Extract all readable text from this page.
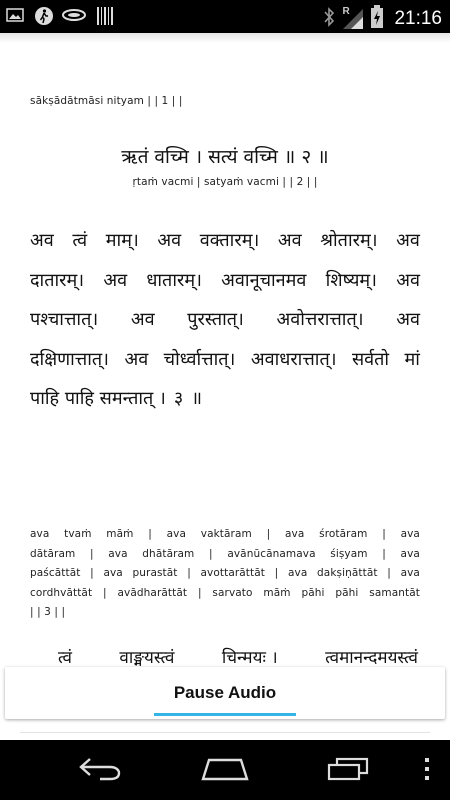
R 21:16
sākṣādātmāsi nityam | | 1 | |
ऋतं वच्मि । सत्यं वच्मि ॥ २ ॥
ṛtaṁ vacmi | satyaṁ vacmi | | 2 | |
अव त्वं माम्। अव वक्तारम्। अव श्रोतारम्। अव
दातारम्। अव धातारम्। अवानूचानमव शिष्यम्। अव
पश्चात्तात्। अव पुरस्तात्। अवोत्तरात्तात्। अव
दक्षिणात्तात्। अव चोर्ध्वात्तात्। अवाधरात्तात्। सर्वतो मां
पाहि पाहि समन्तात् । ३ ॥
ava tvaṁ māṁ | ava vaktāram | ava śrotāram | ava
dātāram | ava dhātāram | avānūcānamava śiṣyam | ava
paścāttāt | ava purastāt | avottarāttāt | ava dakṣiṇāttāt | ava
cordhvāttāt | avādharāttāt | sarvato māṁ pāhi pāhi samantāt
| | 3 | |
त्वं	वाङ्मयस्त्वं	चिन्मयः ।	त्वमानन्दमयस्त्वं
Pause Audio
